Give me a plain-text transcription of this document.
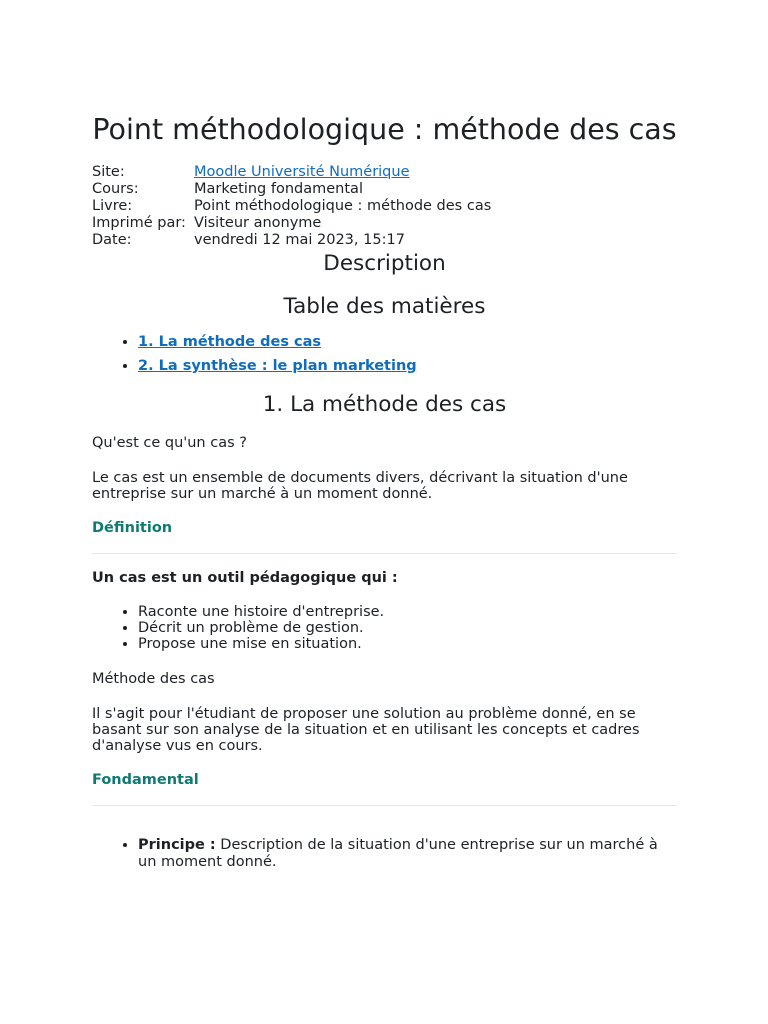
Point méthodologique : méthode des cas
Site:	Moodle Université Numérique
Cours:	Marketing fondamental
Livre:	Point méthodologique : méthode des cas
Imprimé par:	Visiteur anonyme
Date:	vendredi 12 mai 2023, 15:17
Description
Table des matières
• 1. La méthode des cas
• 2. La synthèse : le plan marketing
1. La méthode des cas

Qu'est ce qu'un cas ?

Le cas est un ensemble de documents divers, décrivant la situation d'une entreprise sur un marché à un moment donné.

Définition

Un cas est un outil pédagogique qui :

• Raconte une histoire d'entreprise.
• Décrit un problème de gestion.
• Propose une mise en situation.

Méthode des cas

Il s'agit pour l'étudiant de proposer une solution au problème donné, en se basant sur son analyse de la situation et en utilisant les concepts et cadres d'analyse vus en cours.

Fondamental

• Principe : Description de la situation d'une entreprise sur un marché à un moment donné.
